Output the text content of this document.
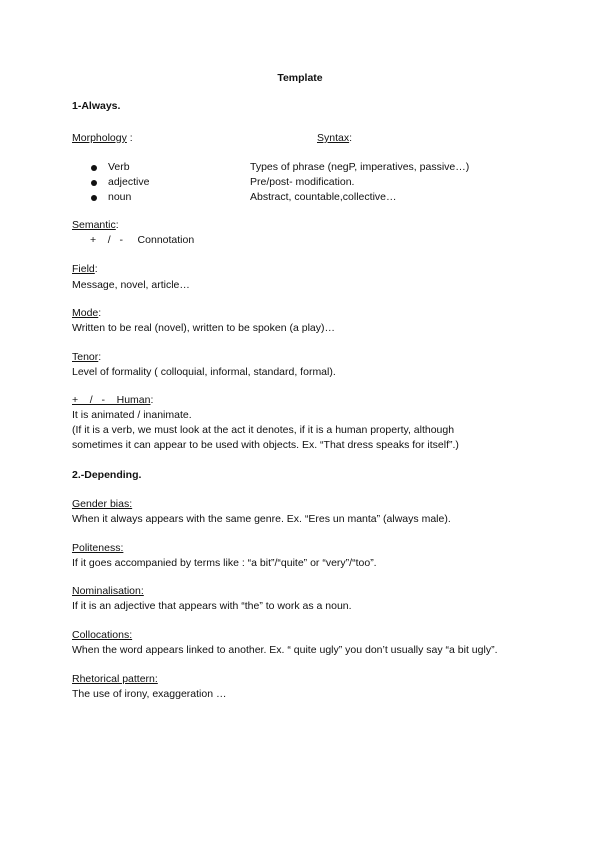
Template
1-Always.
Morphology :	Syntax:
Verb	Types of phrase (negP, imperatives, passive…)
adjective	Pre/post- modification.
noun	Abstract, countable,collective…
Semantic:
+    /   -     Connotation
Field:
Message, novel, article…
Mode:
Written to be real (novel), written to be spoken (a play)…
Tenor:
Level of formality ( colloquial, informal, standard, formal).
+    /   -    Human:
It is animated / inanimate.
(If it is a verb, we must look at the act it denotes, if it is a human property, although
sometimes it can appear to be used with objects. Ex. “That dress speaks for itself”.)
2.-Depending.
Gender bias:
When it always appears with the same genre. Ex. “Eres un manta” (always male).
Politeness:
If it goes accompanied by terms like : “a bit”/“quite” or “very”/“too”.
Nominalisation:
If it is an adjective that appears with “the” to work as a noun.
Collocations:
When the word appears linked to another. Ex. “ quite ugly” you don’t usually say “a bit ugly”.
Rhetorical pattern:
The use of irony, exaggeration …
